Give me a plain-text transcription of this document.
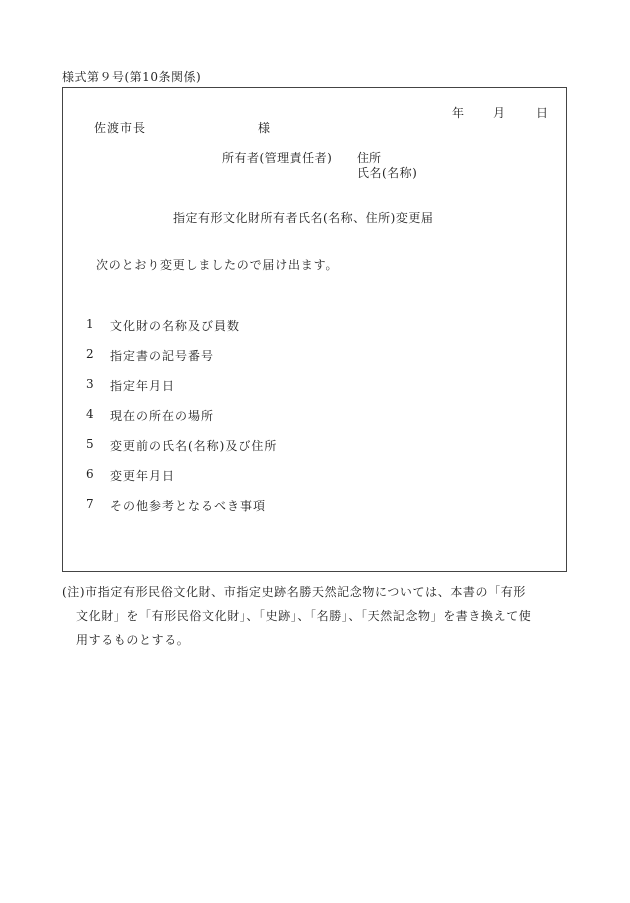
様式第９号(第10条関係)
年 月	日
佐渡市長	様
所有者(管理責任者) 住所
氏名(名称)
指定有形文化財所有者氏名(名称、住所)変更届
次のとおり変更しましたので届け出ます。
1 文化財の名称及び員数
2 指定書の記号番号
3 指定年月日
4 現在の所在の場所
5 変更前の氏名(名称)及び住所
6 変更年月日
7 その他参考となるべき事項
(注)市指定有形民俗文化財、市指定史跡名勝天然記念物については、本書の「有形
文化財」を「有形民俗文化財」、「史跡」、「名勝」、「天然記念物」を書き換えて使
用するものとする。
